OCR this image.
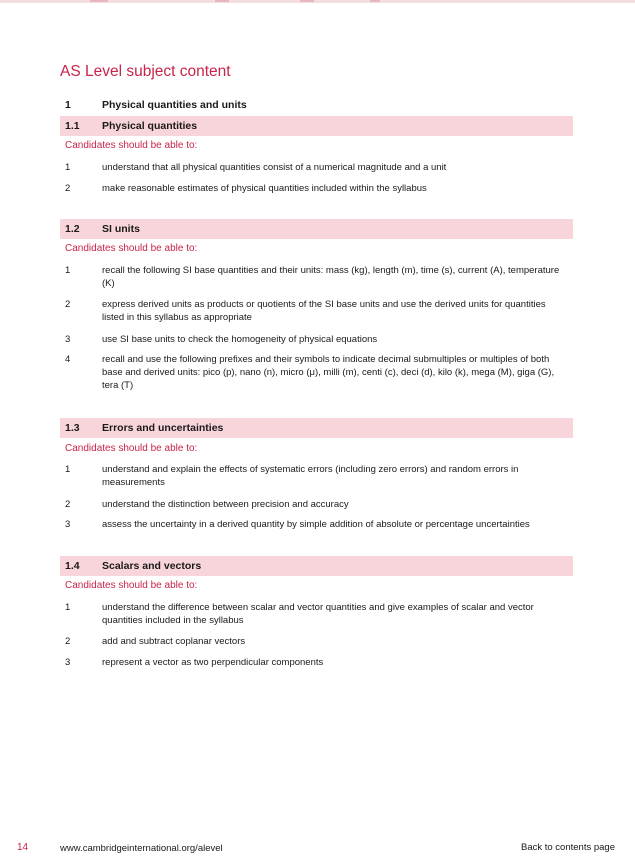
AS Level subject content
1	Physical quantities and units
1.1 Physical quantities
Candidates should be able to:
1	understand that all physical quantities consist of a numerical magnitude and a unit
2	make reasonable estimates of physical quantities included within the syllabus
1.2 SI units
Candidates should be able to:
1	recall the following SI base quantities and their units: mass (kg), length (m), time (s), current (A), temperature (K)
2	express derived units as products or quotients of the SI base units and use the derived units for quantities listed in this syllabus as appropriate
3	use SI base units to check the homogeneity of physical equations
4	recall and use the following prefixes and their symbols to indicate decimal submultiples or multiples of both base and derived units: pico (p), nano (n), micro (μ), milli (m), centi (c), deci (d), kilo (k), mega (M), giga (G), tera (T)
1.3 Errors and uncertainties
Candidates should be able to:
1	understand and explain the effects of systematic errors (including zero errors) and random errors in measurements
2	understand the distinction between precision and accuracy
3	assess the uncertainty in a derived quantity by simple addition of absolute or percentage uncertainties
1.4 Scalars and vectors
Candidates should be able to:
1	understand the difference between scalar and vector quantities and give examples of scalar and vector quantities included in the syllabus
2	add and subtract coplanar vectors
3	represent a vector as two perpendicular components
14	www.cambridgeinternational.org/alevel	Back to contents page
